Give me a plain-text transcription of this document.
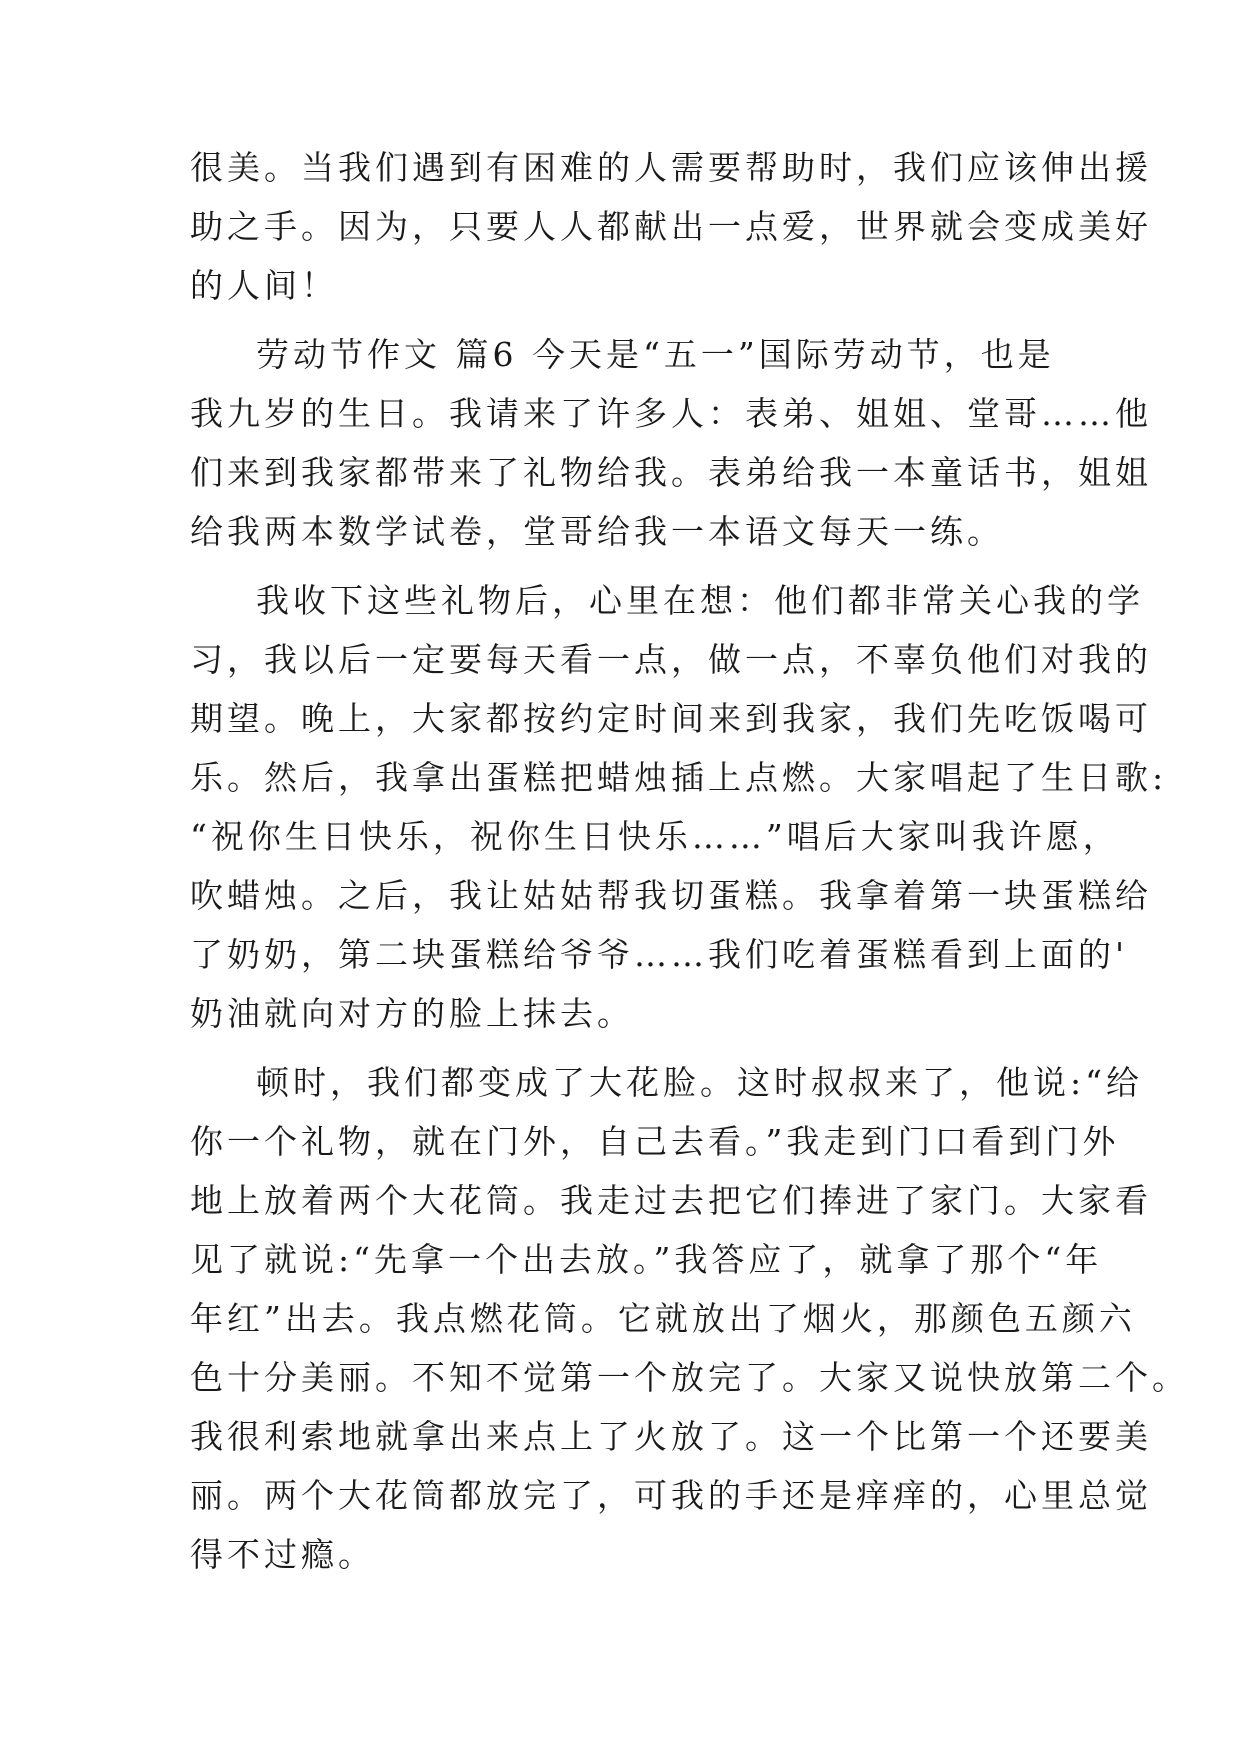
很美。当我们遇到有困难的人需要帮助时，我们应该伸出援
助之手。因为，只要人人都献出一点爱，世界就会变成美好
的人间！
劳动节作文 篇6 今天是“五一”国际劳动节，也是
我九岁的生日。我请来了许多人：表弟、姐姐、堂哥……他
们来到我家都带来了礼物给我。表弟给我一本童话书，姐姐
给我两本数学试卷，堂哥给我一本语文每天一练。
我收下这些礼物后，心里在想：他们都非常关心我的学
习，我以后一定要每天看一点，做一点，不辜负他们对我的
期望。晚上，大家都按约定时间来到我家，我们先吃饭喝可
乐。然后，我拿出蛋糕把蜡烛插上点燃。大家唱起了生日歌:
“祝你生日快乐，祝你生日快乐……”唱后大家叫我许愿，
吹蜡烛。之后，我让姑姑帮我切蛋糕。我拿着第一块蛋糕给
了奶奶，第二块蛋糕给爷爷……我们吃着蛋糕看到上面的'
奶油就向对方的脸上抹去。
顿时，我们都变成了大花脸。这时叔叔来了，他说:“给
你一个礼物，就在门外，自己去看。”我走到门口看到门外
地上放着两个大花筒。我走过去把它们捧进了家门。大家看
见了就说:“先拿一个出去放。”我答应了，就拿了那个“年
年红”出去。我点燃花筒。它就放出了烟火，那颜色五颜六
色十分美丽。不知不觉第一个放完了。大家又说快放第二个。
我很利索地就拿出来点上了火放了。这一个比第一个还要美
丽。两个大花筒都放完了，可我的手还是痒痒的，心里总觉
得不过瘾。
